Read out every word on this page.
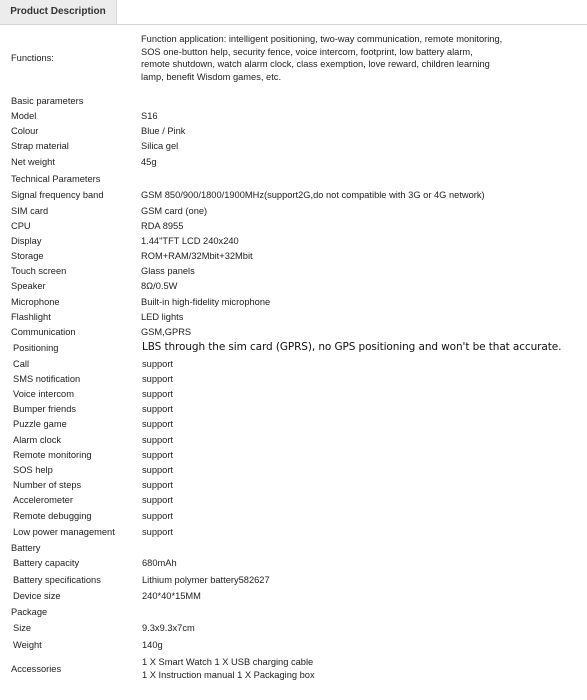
Product Description
Functions:
Function application: intelligent positioning, two-way communication, remote monitoring,
SOS one-button help, security fence, voice intercom, footprint, low battery alarm,
remote shutdown, watch alarm clock, class exemption, love reward, children learning
lamp, benefit Wisdom games, etc.
Basic parameters
Model	S16
Colour	Blue / Pink
Strap material	Silica gel
Net weight	45g
Technical Parameters
Signal frequency band	GSM 850/900/1800/1900MHz(support2G,do not compatible with 3G or 4G network)
SIM card	GSM card (one)
CPU	RDA 8955
Display	1.44"TFT LCD 240x240
Storage	ROM+RAM/32Mbit+32Mbit
Touch screen	Glass panels
Speaker	8Ω/0.5W
Microphone	Built-in high-fidelity microphone
Flashlight	LED lights
Communication	GSM,GPRS
Positioning	LBS through the sim card (GPRS), no GPS positioning and won't be that accurate.
Call	support
SMS notification	support
Voice intercom	support
Bumper friends	support
Puzzle game	support
Alarm clock	support
Remote monitoring	support
SOS help	support
Number of steps	support
Accelerometer	support
Remote debugging	support
Low power management	support
Battery
Battery capacity	680mAh
Battery specifications	Lithium polymer battery582627
Device size	240*40*15MM
Package
Size	9.3x9.3x7cm
Weight	140g
Accessories
1 X Smart Watch 1 X USB charging cable
1 X Instruction manual 1 X Packaging box
